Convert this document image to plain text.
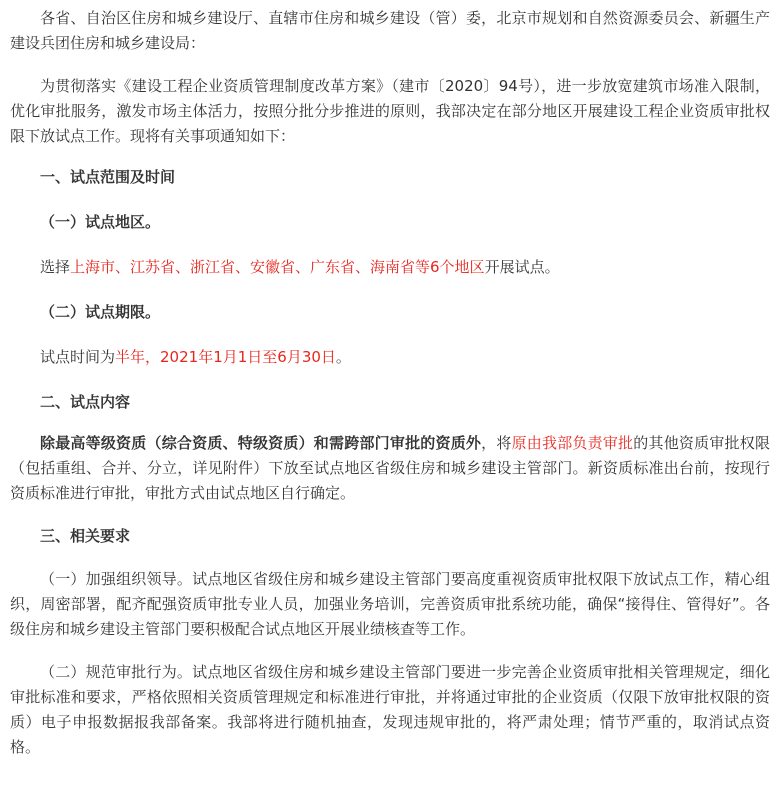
各省、自治区住房和城乡建设厅、直辖市住房和城乡建设（管）委，北京市规划和自然资源委员会、新疆生产建设兵团住房和城乡建设局：

为贯彻落实《建设工程企业资质管理制度改革方案》（建市〔2020〕94号），进一步放宽建筑市场准入限制，优化审批服务，激发市场主体活力，按照分批分步推进的原则，我部决定在部分地区开展建设工程企业资质审批权限下放试点工作。现将有关事项通知如下：

一、试点范围及时间

（一）试点地区。

选择上海市、江苏省、浙江省、安徽省、广东省、海南省等6个地区开展试点。

（二）试点期限。

试点时间为半年，2021年1月1日至6月30日。

二、试点内容

除最高等级资质（综合资质、特级资质）和需跨部门审批的资质外，将原由我部负责审批的其他资质审批权限（包括重组、合并、分立，详见附件）下放至试点地区省级住房和城乡建设主管部门。新资质标准出台前，按现行资质标准进行审批，审批方式由试点地区自行确定。

三、相关要求

（一）加强组织领导。试点地区省级住房和城乡建设主管部门要高度重视资质审批权限下放试点工作，精心组织，周密部署，配齐配强资质审批专业人员，加强业务培训，完善资质审批系统功能，确保“接得住、管得好”。各级住房和城乡建设主管部门要积极配合试点地区开展业绩核查等工作。

（二）规范审批行为。试点地区省级住房和城乡建设主管部门要进一步完善企业资质审批相关管理规定，细化审批标准和要求，严格依照相关资质管理规定和标准进行审批，并将通过审批的企业资质（仅限下放审批权限的资质）电子申报数据报我部备案。我部将进行随机抽查，发现违规审批的，将严肃处理；情节严重的，取消试点资格。
